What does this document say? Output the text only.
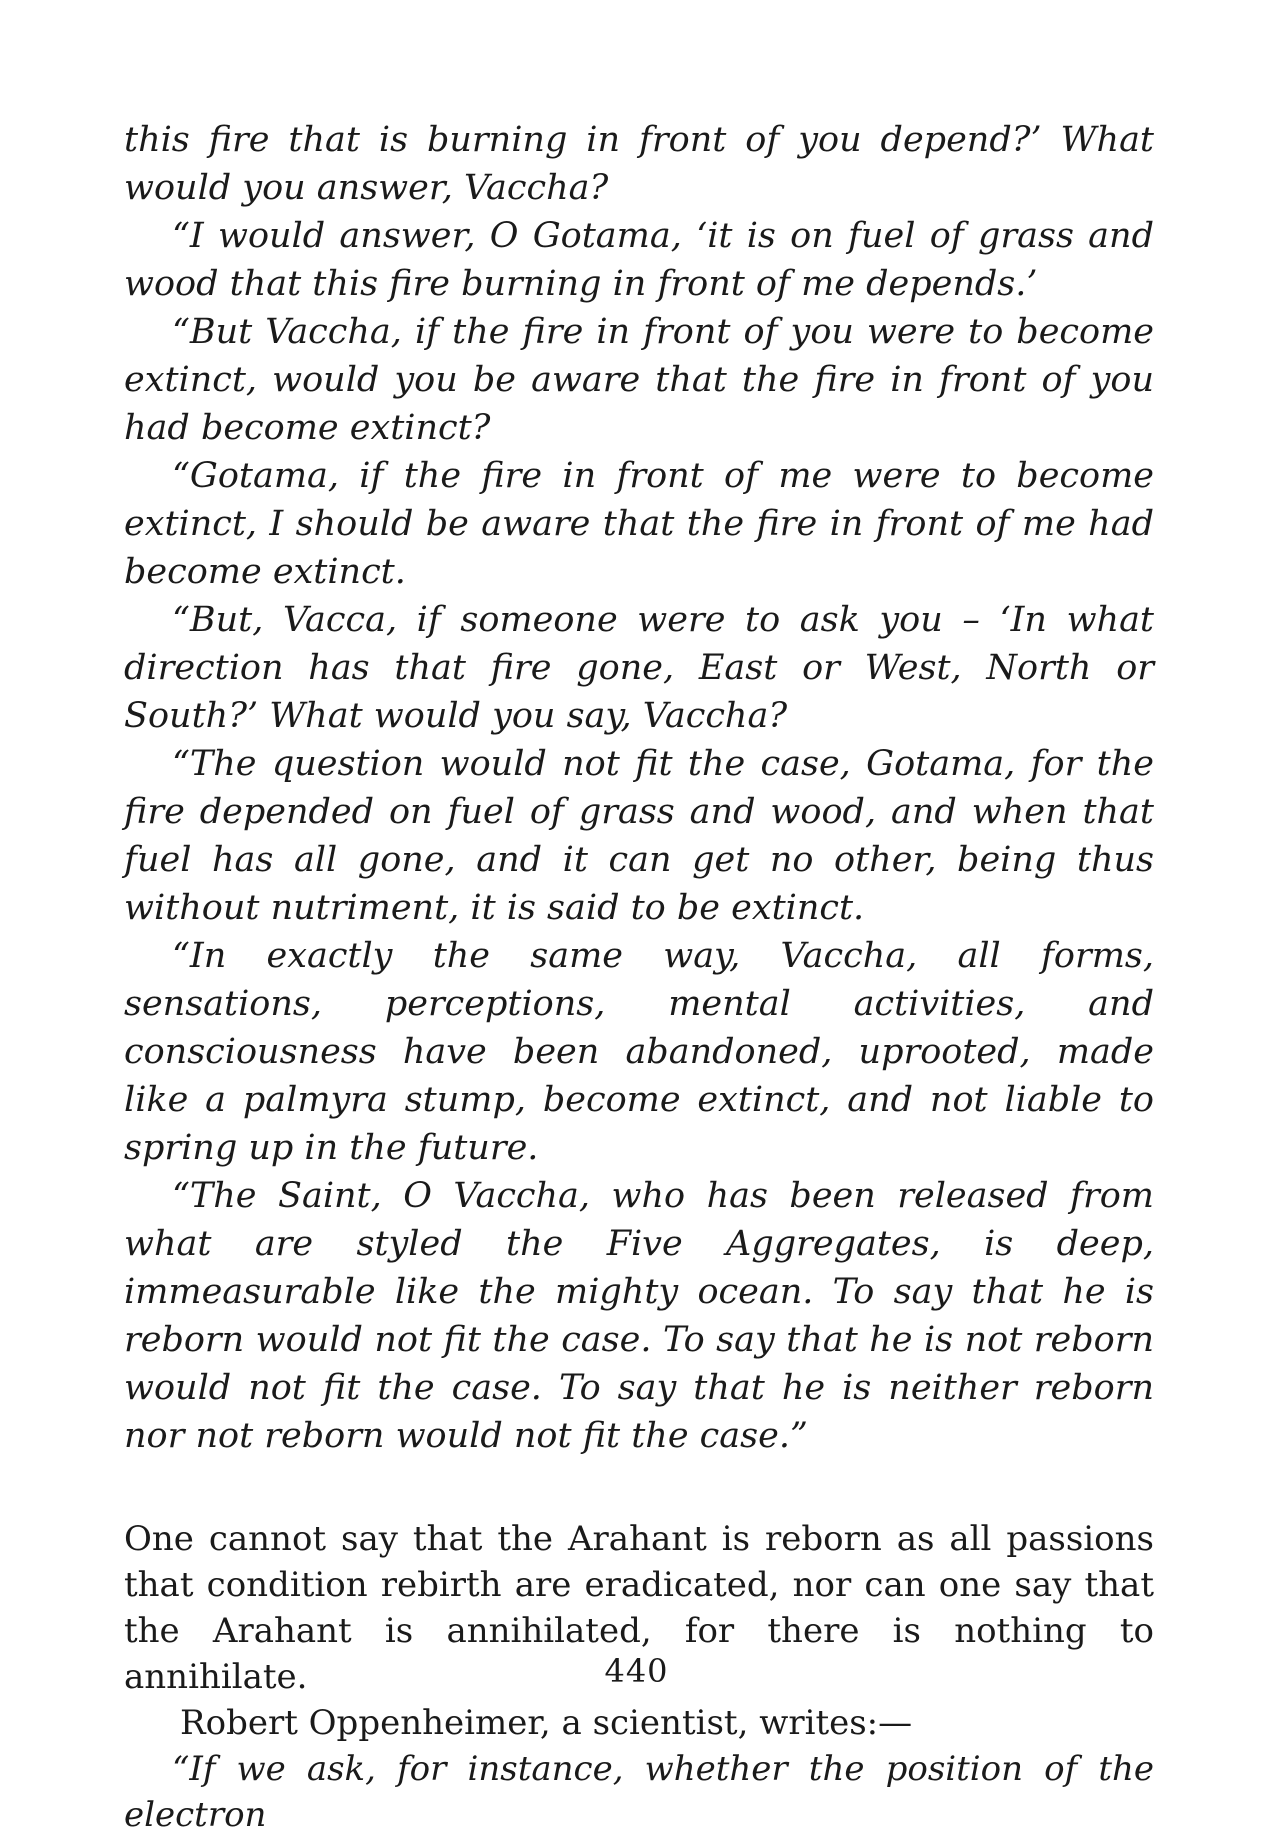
this fire that is burning in front of you depend?’ What would you answer, Vaccha?

“I would answer, O Gotama, ‘it is on fuel of grass and wood that this fire burning in front of me depends.’

“But Vaccha, if the fire in front of you were to become extinct, would you be aware that the fire in front of you had become extinct?

“Gotama, if the fire in front of me were to become extinct, I should be aware that the fire in front of me had become extinct.

“But, Vacca, if someone were to ask you – ‘In what direction has that fire gone, East or West, North or South?’ What would you say, Vaccha?

“The question would not fit the case, Gotama, for the fire depended on fuel of grass and wood, and when that fuel has all gone, and it can get no other, being thus without nutriment, it is said to be extinct.

“In exactly the same way, Vaccha, all forms, sensations, perceptions, mental activities, and consciousness have been abandoned, uprooted, made like a palmyra stump, become extinct, and not liable to spring up in the future.

“The Saint, O Vaccha, who has been released from what are styled the Five Aggregates, is deep, immeasurable like the mighty ocean. To say that he is reborn would not fit the case. To say that he is not reborn would not fit the case. To say that he is neither reborn nor not reborn would not fit the case.”

One cannot say that the Arahant is reborn as all passions that condition rebirth are eradicated, nor can one say that the Arahant is annihilated, for there is nothing to annihilate.

Robert Oppenheimer, a scientist, writes:—

“If we ask, for instance, whether the position of the electron

440
